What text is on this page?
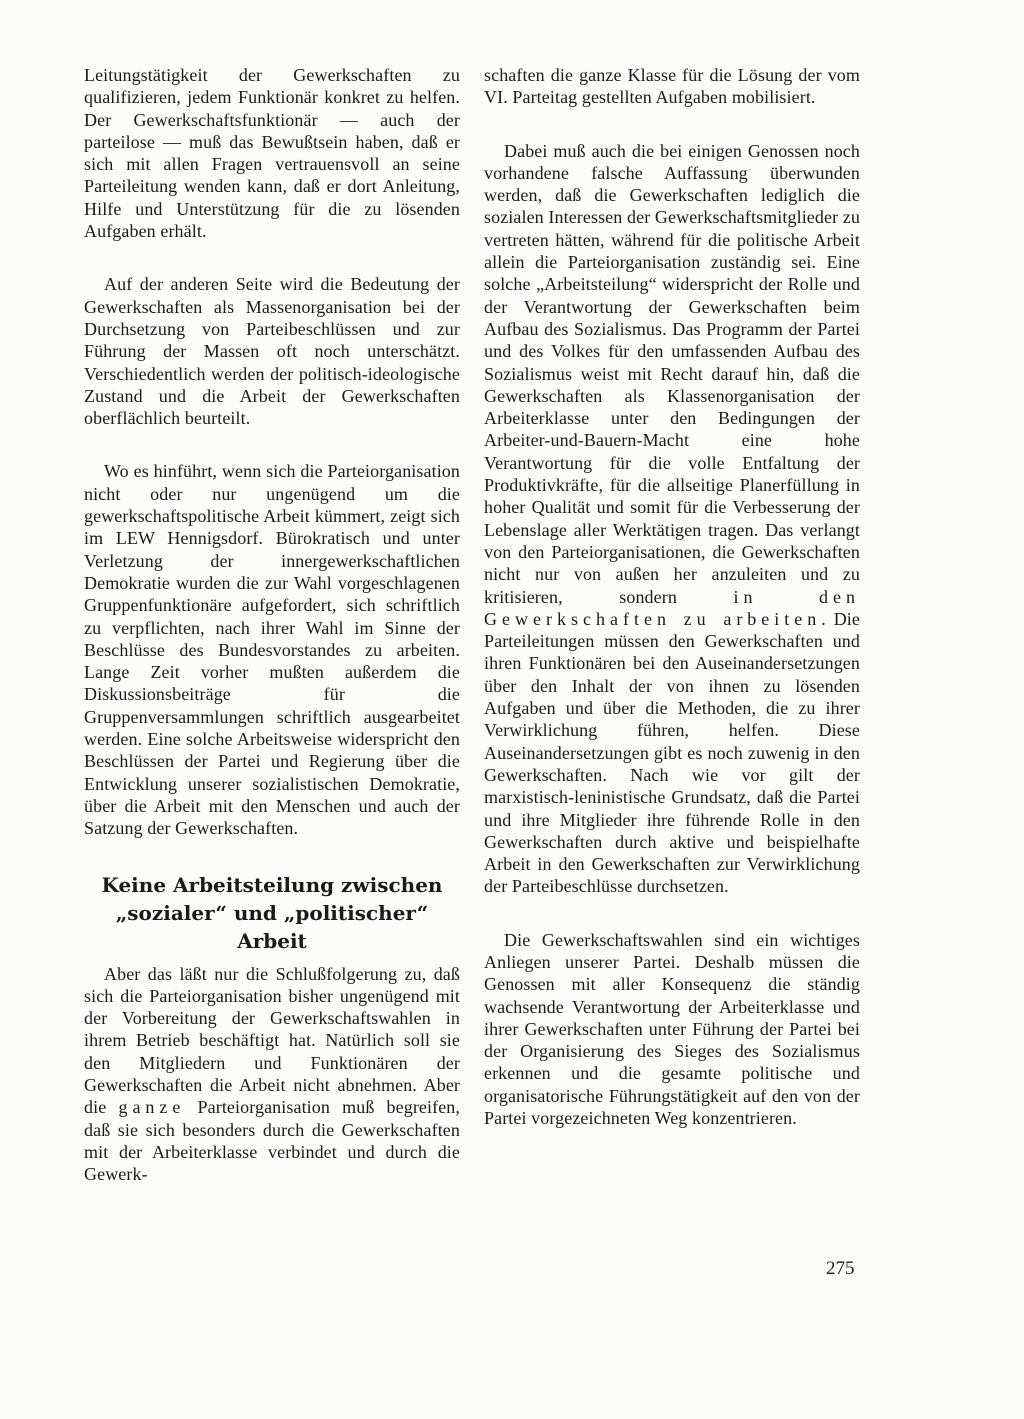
Leitungstätigkeit der Gewerkschaften zu qualifizieren, jedem Funktionär konkret zu helfen. Der Gewerkschaftsfunktionär — auch der parteilose — muß das Bewußtsein haben, daß er sich mit allen Fragen vertrauensvoll an seine Parteileitung wenden kann, daß er dort Anleitung, Hilfe und Unterstützung für die zu lösenden Aufgaben erhält.

Auf der anderen Seite wird die Bedeutung der Gewerkschaften als Massenorganisation bei der Durchsetzung von Parteibeschlüssen und zur Führung der Massen oft noch unterschätzt. Verschiedentlich werden der politisch-ideologische Zustand und die Arbeit der Gewerkschaften oberflächlich beurteilt.

Wo es hinführt, wenn sich die Parteiorganisation nicht oder nur ungenügend um die gewerkschaftspolitische Arbeit kümmert, zeigt sich im LEW Hennigsdorf. Bürokratisch und unter Verletzung der innergewerkschaftlichen Demokratie wurden die zur Wahl vorgeschlagenen Gruppenfunktionäre aufgefordert, sich schriftlich zu verpflichten, nach ihrer Wahl im Sinne der Beschlüsse des Bundesvorstandes zu arbeiten. Lange Zeit vorher mußten außerdem die Diskussionsbeiträge für die Gruppenversammlungen schriftlich ausgearbeitet werden. Eine solche Arbeitsweise widerspricht den Beschlüssen der Partei und Regierung über die Entwicklung unserer sozialistischen Demokratie, über die Arbeit mit den Menschen und auch der Satzung der Gewerkschaften.

Keine Arbeitsteilung zwischen
„sozialer“ und „politischer“ Arbeit

Aber das läßt nur die Schlußfolgerung zu, daß sich die Parteiorganisation bisher ungenügend mit der Vorbereitung der Gewerkschaftswahlen in ihrem Betrieb beschäftigt hat. Natürlich soll sie den Mitgliedern und Funktionären der Gewerkschaften die Arbeit nicht abnehmen. Aber die ganze Parteiorganisation muß begreifen, daß sie sich besonders durch die Gewerkschaften mit der Arbeiterklasse verbindet und durch die Gewerk-

schaften die ganze Klasse für die Lösung der vom VI. Parteitag gestellten Aufgaben mobilisiert.

Dabei muß auch die bei einigen Genossen noch vorhandene falsche Auffassung überwunden werden, daß die Gewerkschaften lediglich die sozialen Interessen der Gewerkschaftsmitglieder zu vertreten hätten, während für die politische Arbeit allein die Parteiorganisation zuständig sei. Eine solche „Arbeitsteilung“ widerspricht der Rolle und der Verantwortung der Gewerkschaften beim Aufbau des Sozialismus. Das Programm der Partei und des Volkes für den umfassenden Aufbau des Sozialismus weist mit Recht darauf hin, daß die Gewerkschaften als Klassenorganisation der Arbeiterklasse unter den Bedingungen der Arbeiter-und-Bauern-Macht eine hohe Verantwortung für die volle Entfaltung der Produktivkräfte, für die allseitige Planerfüllung in hoher Qualität und somit für die Verbesserung der Lebenslage aller Werktätigen tragen. Das verlangt von den Parteiorganisationen, die Gewerkschaften nicht nur von außen her anzuleiten und zu kritisieren, sondern in den Gewerkschaften zu arbeiten. Die Parteileitungen müssen den Gewerkschaften und ihren Funktionären bei den Auseinandersetzungen über den Inhalt der von ihnen zu lösenden Aufgaben und über die Methoden, die zu ihrer Verwirklichung führen, helfen. Diese Auseinandersetzungen gibt es noch zuwenig in den Gewerkschaften. Nach wie vor gilt der marxistisch-leninistische Grundsatz, daß die Partei und ihre Mitglieder ihre führende Rolle in den Gewerkschaften durch aktive und beispielhafte Arbeit in den Gewerkschaften zur Verwirklichung der Parteibeschlüsse durchsetzen.

Die Gewerkschaftswahlen sind ein wichtiges Anliegen unserer Partei. Deshalb müssen die Genossen mit aller Konsequenz die ständig wachsende Verantwortung der Arbeiterklasse und ihrer Gewerkschaften unter Führung der Partei bei der Organisierung des Sieges des Sozialismus erkennen und die gesamte politische und organisatorische Führungstätigkeit auf den von der Partei vorgezeichneten Weg konzentrieren.

275
